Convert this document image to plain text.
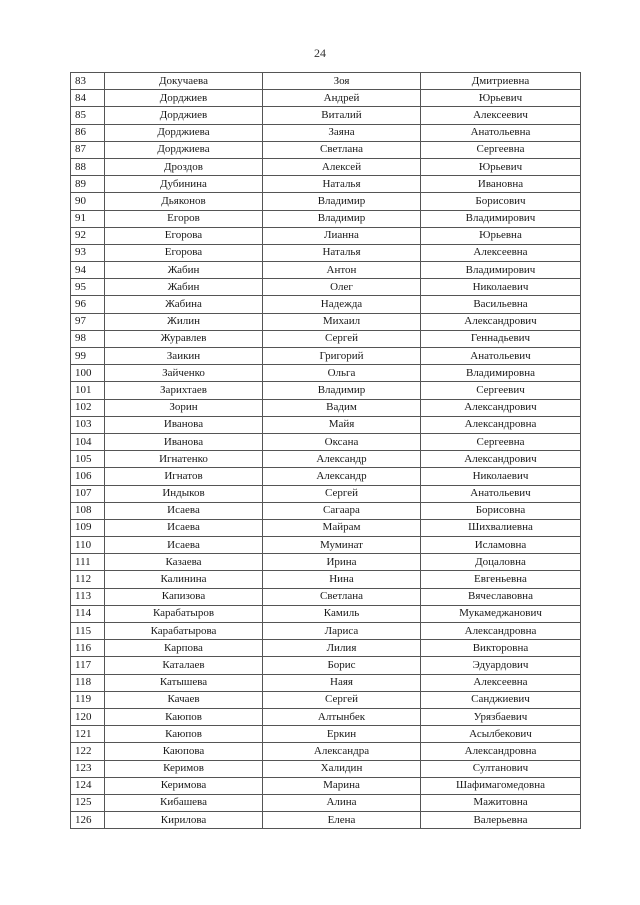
24
83	Докучаева	Зоя	Дмитриевна
84	Дорджиев	Андрей	Юрьевич
85	Дорджиев	Виталий	Алексеевич
86	Дорджиева	Заяна	Анатольевна
87	Дорджиева	Светлана	Сергеевна
88	Дроздов	Алексей	Юрьевич
89	Дубинина	Наталья	Ивановна
90	Дьяконов	Владимир	Борисович
91	Егоров	Владимир	Владимирович
92	Егорова	Лианна	Юрьевна
93	Егорова	Наталья	Алексеевна
94	Жабин	Антон	Владимирович
95	Жабин	Олег	Николаевич
96	Жабина	Надежда	Васильевна
97	Жилин	Михаил	Александрович
98	Журавлев	Сергей	Геннадьевич
99	Заикин	Григорий	Анатольевич
100	Зайченко	Ольга	Владимировна
101	Зарихтаев	Владимир	Сергеевич
102	Зорин	Вадим	Александрович
103	Иванова	Майя	Александровна
104	Иванова	Оксана	Сергеевна
105	Игнатенко	Александр	Александрович
106	Игнатов	Александр	Николаевич
107	Индыков	Сергей	Анатольевич
108	Исаева	Сагаара	Борисовна
109	Исаева	Майрам	Шихвалиевна
110	Исаева	Муминат	Исламовна
111	Казаева	Ирина	Доцаловна
112	Калинина	Нина	Евгеньевна
113	Капизова	Светлана	Вячеславовна
114	Карабатыров	Камиль	Мукамеджанович
115	Карабатырова	Лариса	Александровна
116	Карпова	Лилия	Викторовна
117	Каталаев	Борис	Эдуардович
118	Катышева	Наяя	Алексеевна
119	Качаев	Сергей	Санджиевич
120	Каюпов	Алтынбек	Урязбаевич
121	Каюпов	Еркин	Асылбекович
122	Каюпова	Александра	Александровна
123	Керимов	Халидин	Султанович
124	Керимова	Марина	Шафимагомедовна
125	Кибашева	Алина	Мажитовна
126	Кирилова	Елена	Валерьевна
